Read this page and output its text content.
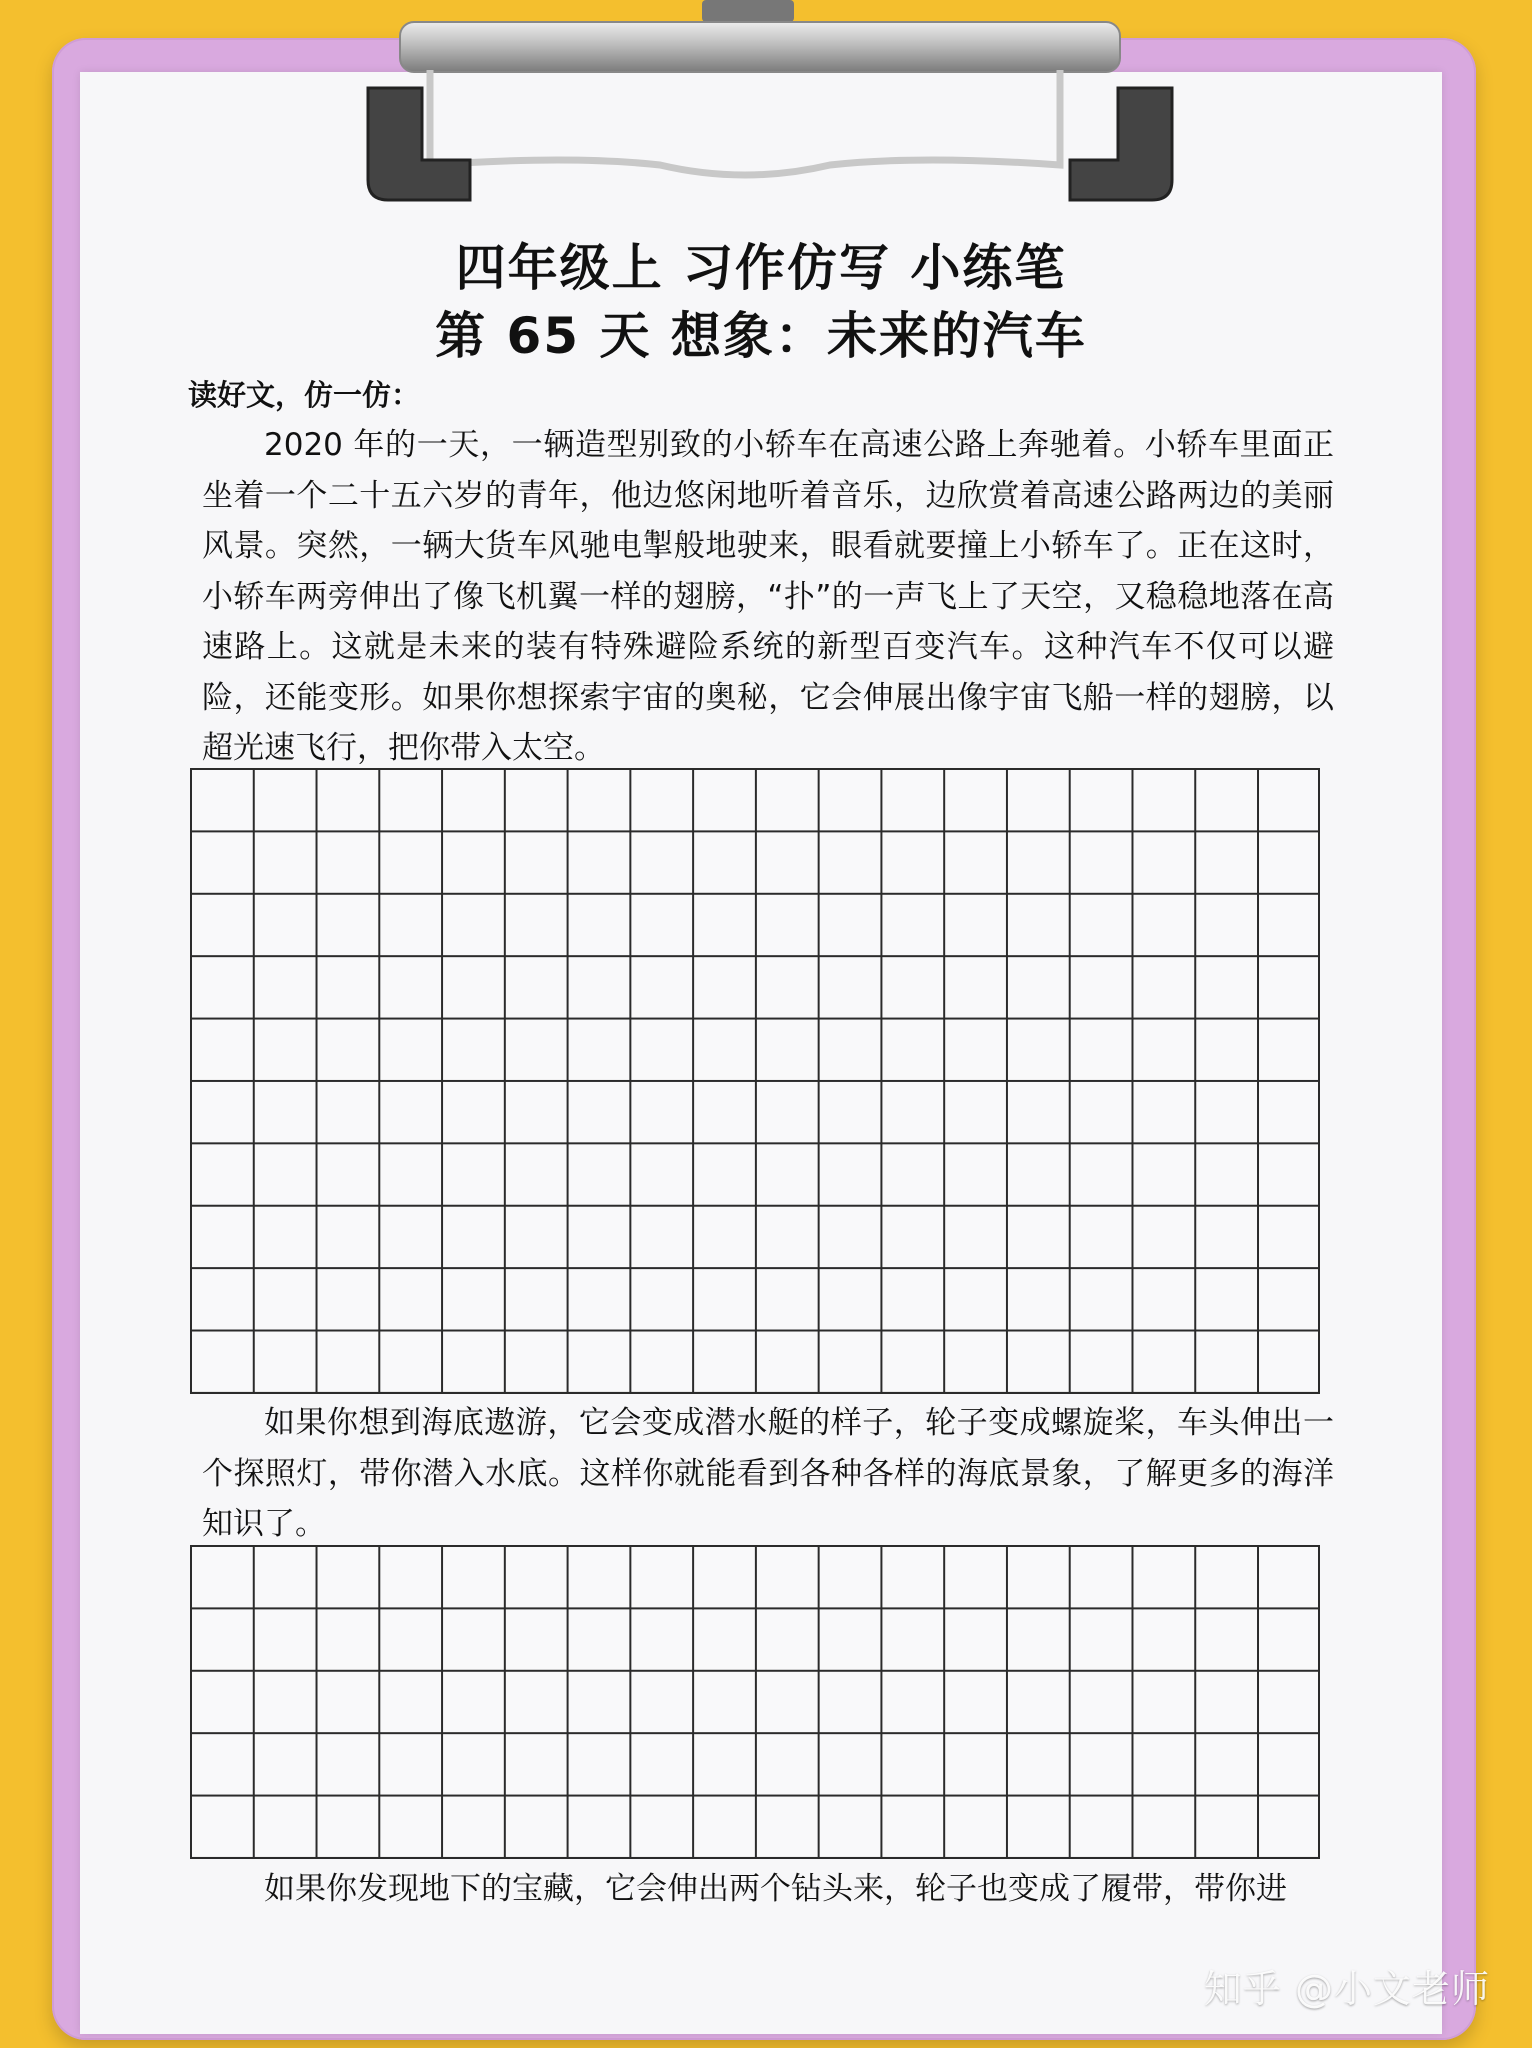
四年级上 习作仿写 小练笔
第 65 天 想象：未来的汽车
读好文，仿一仿：
2020 年的一天，一辆造型别致的小轿车在高速公路上奔驰着。小轿车里面正坐着一个二十五六岁的青年，他边悠闲地听着音乐，边欣赏着高速公路两边的美丽风景。突然，一辆大货车风驰电掣般地驶来，眼看就要撞上小轿车了。正在这时，小轿车两旁伸出了像飞机翼一样的翅膀，“扑”的一声飞上了天空，又稳稳地落在高速路上。这就是未来的装有特殊避险系统的新型百变汽车。这种汽车不仅可以避险，还能变形。如果你想探索宇宙的奥秘，它会伸展出像宇宙飞船一样的翅膀，以超光速飞行，把你带入太空。
如果你想到海底遨游，它会变成潜水艇的样子，轮子变成螺旋桨，车头伸出一个探照灯，带你潜入水底。这样你就能看到各种各样的海底景象，了解更多的海洋知识了。
如果你发现地下的宝藏，它会伸出两个钻头来，轮子也变成了履带，带你进
知乎 @小文老师
